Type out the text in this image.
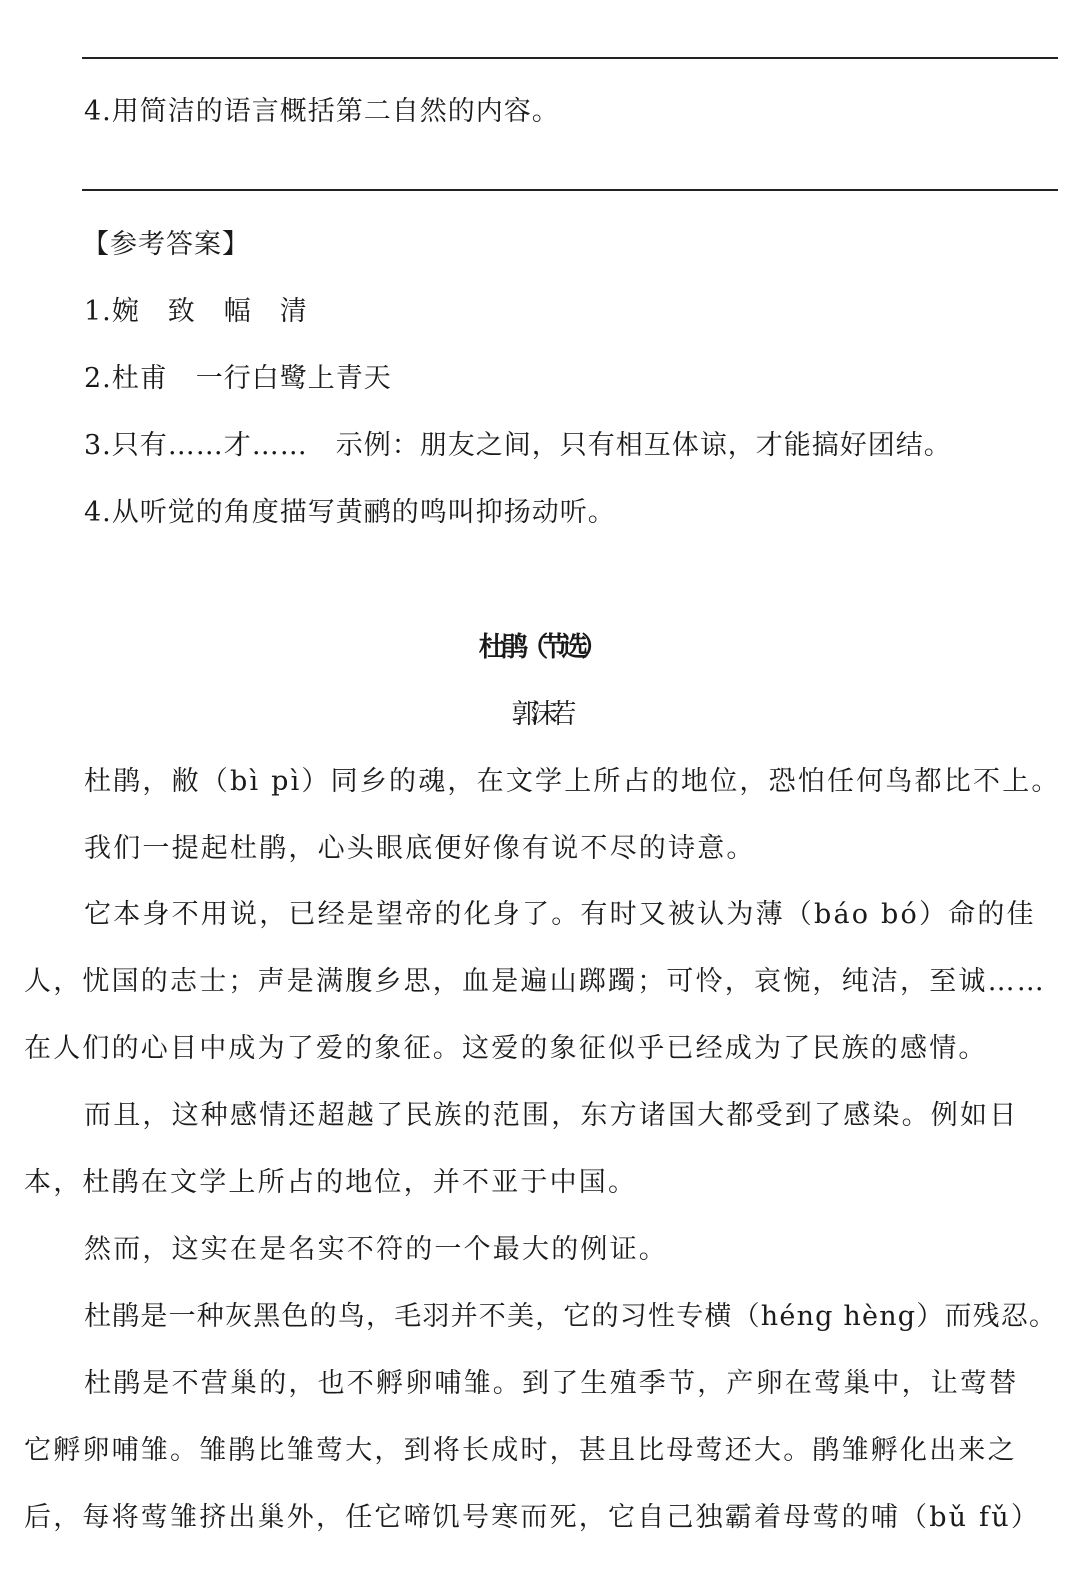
4.用简洁的语言概括第二自然的内容。
【参考答案】
1.婉　致　幅　清
2.杜甫　一行白鹭上青天
3.只有……才……　示例：朋友之间，只有相互体谅，才能搞好团结。
4.从听觉的角度描写黄鹂的鸣叫抑扬动听。
杜 鹃（节选）
郭沫若
杜鹃，敝（bì pì）同乡的魂，在文学上所占的地位，恐怕任何鸟都比不上。
我们一提起杜鹃，心头眼底便好像有说不尽的诗意。
它本身不用说，已经是望帝的化身了。有时又被认为薄（báo bó）命的佳
人，忧国的志士；声是满腹乡思，血是遍山踯躅；可怜，哀惋，纯洁，至诚……
在人们的心目中成为了爱的象征。这爱的象征似乎已经成为了民族的感情。
而且，这种感情还超越了民族的范围，东方诸国大都受到了感染。例如日
本，杜鹃在文学上所占的地位，并不亚于中国。
然而，这实在是名实不符的一个最大的例证。
杜鹃是一种灰黑色的鸟，毛羽并不美，它的习性专横（héng hèng）而残忍。
杜鹃是不营巢的，也不孵卵哺雏。到了生殖季节，产卵在莺巢中，让莺替
它孵卵哺雏。雏鹃比雏莺大，到将长成时，甚且比母莺还大。鹃雏孵化出来之
后，每将莺雏挤出巢外，任它啼饥号寒而死，它自己独霸着母莺的哺（bǔ fǔ）
